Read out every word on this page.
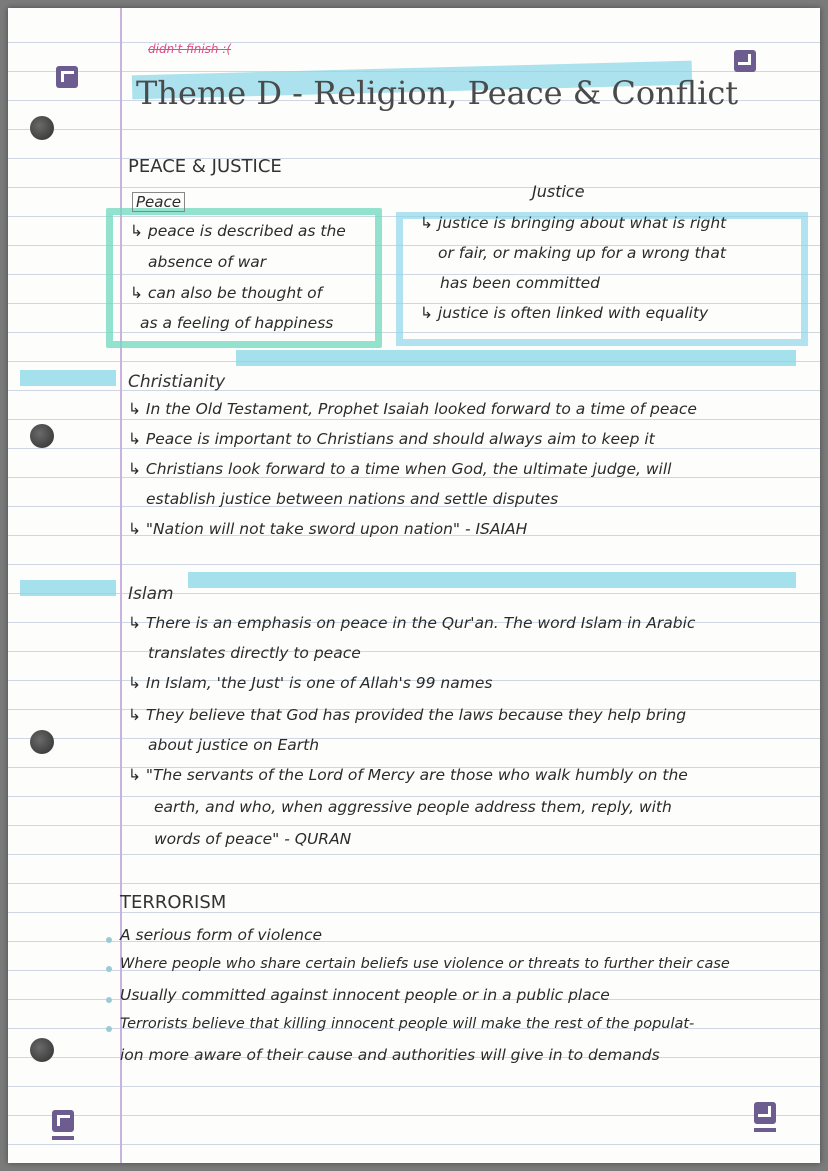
didn't finish :(
Theme D - Religion, Peace & Conflict
PEACE & JUSTICE
Peace
Justice
↳ peace is described as the
absence of war
↳ can also be thought of
as a feeling of happiness
↳ justice is bringing about what is right
or fair, or making up for a wrong that
has been committed
↳ justice is often linked with equality
Christianity
↳ In the Old Testament, Prophet Isaiah looked forward to a time of peace
↳ Peace is important to Christians and should always aim to keep it
↳ Christians look forward to a time when God, the ultimate judge, will
establish justice between nations and settle disputes
↳ "Nation will not take sword upon nation" - ISAIAH
Islam
↳ There is an emphasis on peace in the Qur'an. The word Islam in Arabic
translates directly to peace
↳ In Islam, 'the Just' is one of Allah's 99 names
↳ They believe that God has provided the laws because they help bring
about justice on Earth
↳ "The servants of the Lord of Mercy are those who walk humbly on the
earth, and who, when aggressive people address them, reply, with
words of peace" - QURAN
TERRORISM
A serious form of violence
Where people who share certain beliefs use violence or threats to further their case
Usually committed against innocent people or in a public place
Terrorists believe that killing innocent people will make the rest of the populat-
ion more aware of their cause and authorities will give in to demands
